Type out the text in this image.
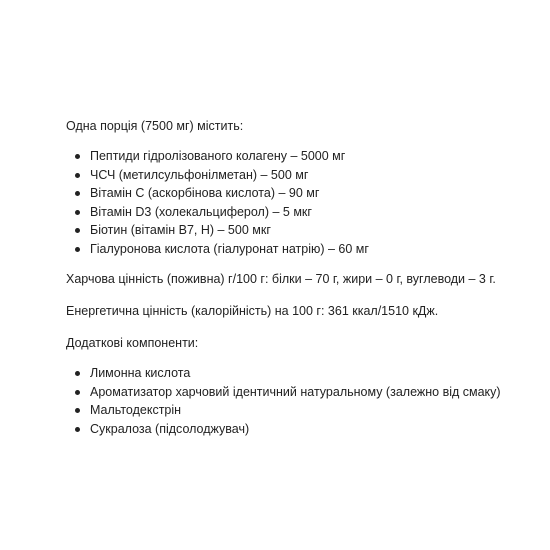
Одна порція (7500 мг) містить:

Пептиди гідролізованого колагену – 5000 мг
ЧСЧ (метилсульфонілметан) – 500 мг
Вітамін С (аскорбінова кислота) – 90 мг
Вітамін D3 (холекальциферол) – 5 мкг
Біотин (вітамін B7, H) – 500 мкг
Гіалуронова кислота (гіалуронат натрію) – 60 мг

Харчова цінність (поживна) г/100 г: білки – 70 г, жири – 0 г, вуглеводи – 3 г.

Енергетична цінність (калорійність) на 100 г: 361 ккал/1510 кДж.

Додаткові компоненти:

Лимонна кислота
Ароматизатор харчовий ідентичний натуральному (залежно від смаку)
Мальтодекстрін
Сукралоза (підсолоджувач)
